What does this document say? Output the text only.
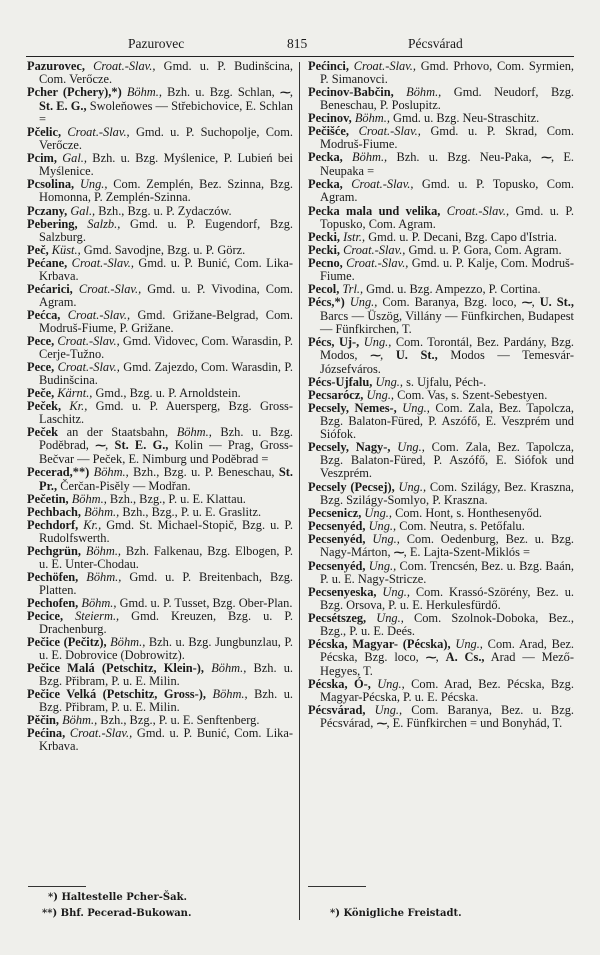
Pazurovec	815	Pécsvárad

Pazurovec, Croat.-Slav., Gmd. u. P. Budinšcina, Com. Verőcze.

Pcher (Pchery),*) Böhm., Bzh. u. Bzg. Schlan, ⁓, St. E. G., Swoleňowes — Střebichovice, E. Schlan =

Pčelic, Croat.-Slav., Gmd. u. P. Suchopolje, Com. Verőcze.

Pcim, Gal., Bzh. u. Bzg. Myślenice, P. Lubień bei Myślenice.

Pcsolina, Ung., Com. Zemplén, Bez. Szinna, Bzg. Homonna, P. Zemplén-Szinna.

Pczany, Gal., Bzh., Bzg. u. P. Zydaczów.

Pebering, Salzb., Gmd. u. P. Eugendorf, Bzg. Salzburg.

Peč, Küst., Gmd. Savodjne, Bzg. u. P. Görz.

Pećane, Croat.-Slav., Gmd. u. P. Bunić, Com. Lika-Krbava.

Pećarici, Croat.-Slav., Gmd. u. P. Vivodina, Com. Agram.

Pećca, Croat.-Slav., Gmd. Grižane-Belgrad, Com. Modruš-Fiume, P. Grižane.

Pece, Croat.-Slav., Gmd. Vidovec, Com. Warasdin, P. Cerje-Tužno.

Pece, Croat.-Slav., Gmd. Zajezdo, Com. Warasdin, P. Budinšcina.

Peče, Kärnt., Gmd., Bzg. u. P. Arnoldstein.

Peček, Kr., Gmd. u. P. Auersperg, Bzg. Gross-Laschitz.

Peček an der Staatsbahn, Böhm., Bzh. u. Bzg. Poděbrad, ⁓, St. E. G., Kolin — Prag, Gross-Bečvar — Peček, E. Nimburg und Poděbrad =

Pecerad,**) Böhm., Bzh., Bzg. u. P. Beneschau, St. Pr., Čerčan-Pisěly — Modřan.

Pečetin, Böhm., Bzh., Bzg., P. u. E. Klattau.

Pechbach, Böhm., Bzh., Bzg., P. u. E. Graslitz.

Pechdorf, Kr., Gmd. St. Michael-Stopič, Bzg. u. P. Rudolfswerth.

Pechgrün, Böhm., Bzh. Falkenau, Bzg. Elbogen, P. u. E. Unter-Chodau.

Pechöfen, Böhm., Gmd. u. P. Breitenbach, Bzg. Platten.

Pechofen, Böhm., Gmd. u. P. Tusset, Bzg. Ober-Plan.

Pecice, Steierm., Gmd. Kreuzen, Bzg. u. P. Drachenburg.

Pečice (Pečitz), Böhm., Bzh. u. Bzg. Jungbunzlau, P. u. E. Dobrovice (Dobrowitz).

Pečice Malá (Petschitz, Klein-), Böhm., Bzh. u. Bzg. Přibram, P. u. E. Milin.

Pečice Velká (Petschitz, Gross-), Böhm., Bzh. u. Bzg. Přibram, P. u. E. Milin.

Pěčin, Böhm., Bzh., Bzg., P. u. E. Senftenberg.

Pećina, Croat.-Slav., Gmd. u. P. Bunić, Com. Lika-Krbava.

Pećinci, Croat.-Slav., Gmd. Prhovo, Com. Syrmien, P. Simanovci.

Pecinov-Babčin, Böhm., Gmd. Neudorf, Bzg. Beneschau, P. Poslupitz.

Pecinov, Böhm., Gmd. u. Bzg. Neu-Straschitz.

Pečišće, Croat.-Slav., Gmd. u. P. Skrad, Com. Modruš-Fiume.

Pecka, Böhm., Bzh. u. Bzg. Neu-Paka, ⁓, E. Neupaka =

Pecka, Croat.-Slav., Gmd. u. P. Topusko, Com. Agram.

Pecka mala und velika, Croat.-Slav., Gmd. u. P. Topusko, Com. Agram.

Pecki, Istr., Gmd. u. P. Decani, Bzg. Capo d'Istria.

Pecki, Croat.-Slav., Gmd. u. P. Gora, Com. Agram.

Pecno, Croat.-Slav., Gmd. u. P. Kalje, Com. Modruš-Fiume.

Pecol, Trl., Gmd. u. Bzg. Ampezzo, P. Cortina.

Pécs,*) Ung., Com. Baranya, Bzg. loco, ⁓, U. St., Barcs — Üszög, Villány — Fünfkirchen, Budapest — Fünfkirchen, T.

Pécs, Uj-, Ung., Com. Torontál, Bez. Pardány, Bzg. Modos, ⁓, U. St., Modos — Temesvár-Józsefváros.

Pécs-Ujfalu, Ung., s. Ujfalu, Péch-.

Pecsarócz, Ung., Com. Vas, s. Szent-Sebestyen.

Pecsely, Nemes-, Ung., Com. Zala, Bez. Tapolcza, Bzg. Balaton-Füred, P. Aszófő, E. Veszprém und Siófok.

Pecsely, Nagy-, Ung., Com. Zala, Bez. Tapolcza, Bzg. Balaton-Füred, P. Aszófő, E. Siófok und Veszprém.

Pecsely (Pecsej), Ung., Com. Szilágy, Bez. Kraszna, Bzg. Szilágy-Somlyo, P. Kraszna.

Pecsenicz, Ung., Com. Hont, s. Honthesenyőd.

Pecsenyéd, Ung., Com. Neutra, s. Petőfalu.

Pecsenyéd, Ung., Com. Oedenburg, Bez. u. Bzg. Nagy-Márton, ⁓, E. Lajta-Szent-Miklós =

Pecsenyéd, Ung., Com. Trencsén, Bez. u. Bzg. Baán, P. u. E. Nagy-Stricze.

Pecsenyeska, Ung., Com. Krassó-Szörény, Bez. u. Bzg. Orsova, P. u. E. Herkulesfürdő.

Pecsétszeg, Ung., Com. Szolnok-Doboka, Bez., Bzg., P. u. E. Deés.

Pécska, Magyar- (Pécska), Ung., Com. Arad, Bez. Pécska, Bzg. loco, ⁓, A. Cs., Arad — Mező-Hegyes, T.

Pécska, Ó-, Ung., Com. Arad, Bez. Pécska, Bzg. Magyar-Pécska, P. u. E. Pécska.

Pécsvárad, Ung., Com. Baranya, Bez. u. Bzg. Pécsvárad, ⁓, E. Fünfkirchen = und Bonyhád, T.

*) Haltestelle Pcher-Šak.
**) Bhf. Pecerad-Bukowan.	*) Königliche Freistadt.
